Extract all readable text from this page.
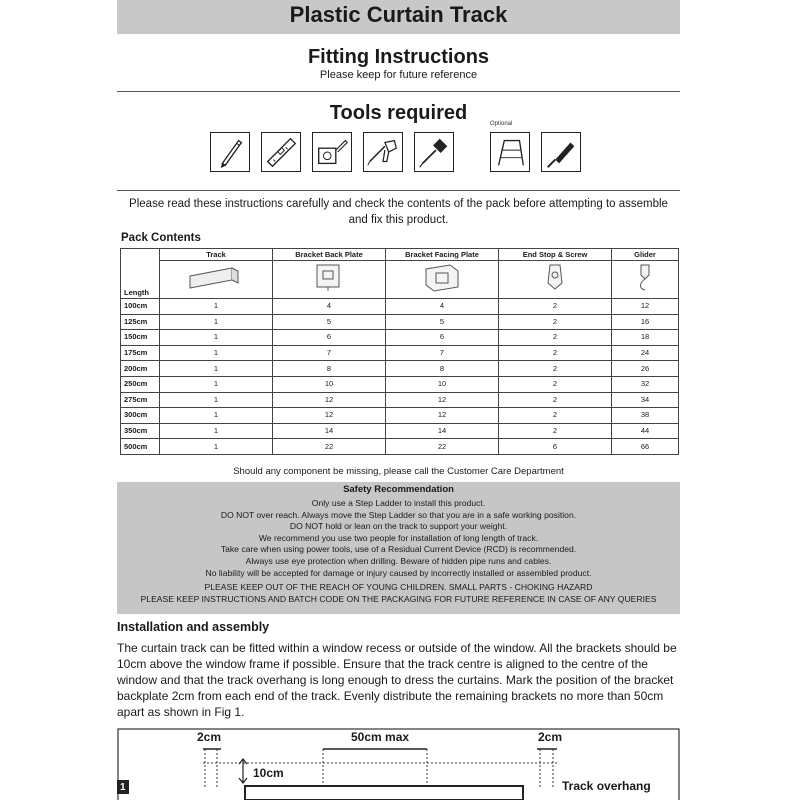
Plastic Curtain Track
Fitting Instructions
Please keep for future reference
Tools required	Optional
Please read these instructions carefully and check the contents of the pack before attempting to assemble and fix this product.
Pack Contents
Length	Track	Bracket Back Plate	Bracket Facing Plate	End Stop & Screw	Glider

100cm	1	4	4	2	12
125cm	1	5	5	2	16
150cm	1	6	6	2	18
175cm	1	7	7	2	24
200cm	1	8	8	2	26
250cm	1	10	10	2	32
275cm	1	12	12	2	34
300cm	1	12	12	2	38
350cm	1	14	14	2	44
500cm	1	22	22	6	66
Should any component be missing, please call the Customer Care Department
Safety Recommendation
Only use a Step Ladder to install this product.
DO NOT over reach. Always move the Step Ladder so that you are in a safe working position.
DO NOT hold or lean on the track to support your weight.
We recommend you use two people for installation of long length of track.
Take care when using power tools, use of a Residual Current Device (RCD) is recommended.
Always use eye protection when drilling. Beware of hidden pipe runs and cables.
No liability will be accepted for damage or injury caused by incorrectly installed or assembled product.
PLEASE KEEP OUT OF THE REACH OF YOUNG CHILDREN. SMALL PARTS - CHOKING HAZARD
PLEASE KEEP INSTRUCTIONS AND BATCH CODE ON THE PACKAGING FOR FUTURE REFERENCE IN CASE OF ANY QUERIES
Installation and assembly
The curtain track can be fitted within a window recess or outside of the window. All the brackets should be 10cm above the window frame if possible. Ensure that the track centre is aligned to the centre of the window and that the track overhang is long enough to dress the curtains. Mark the position of the bracket backplate 2cm from each end of the track. Evenly distribute the remaining brackets no more than 50cm apart as shown in Fig 1.
1
2cm	50cm max	2cm
10cm
Track overhang
